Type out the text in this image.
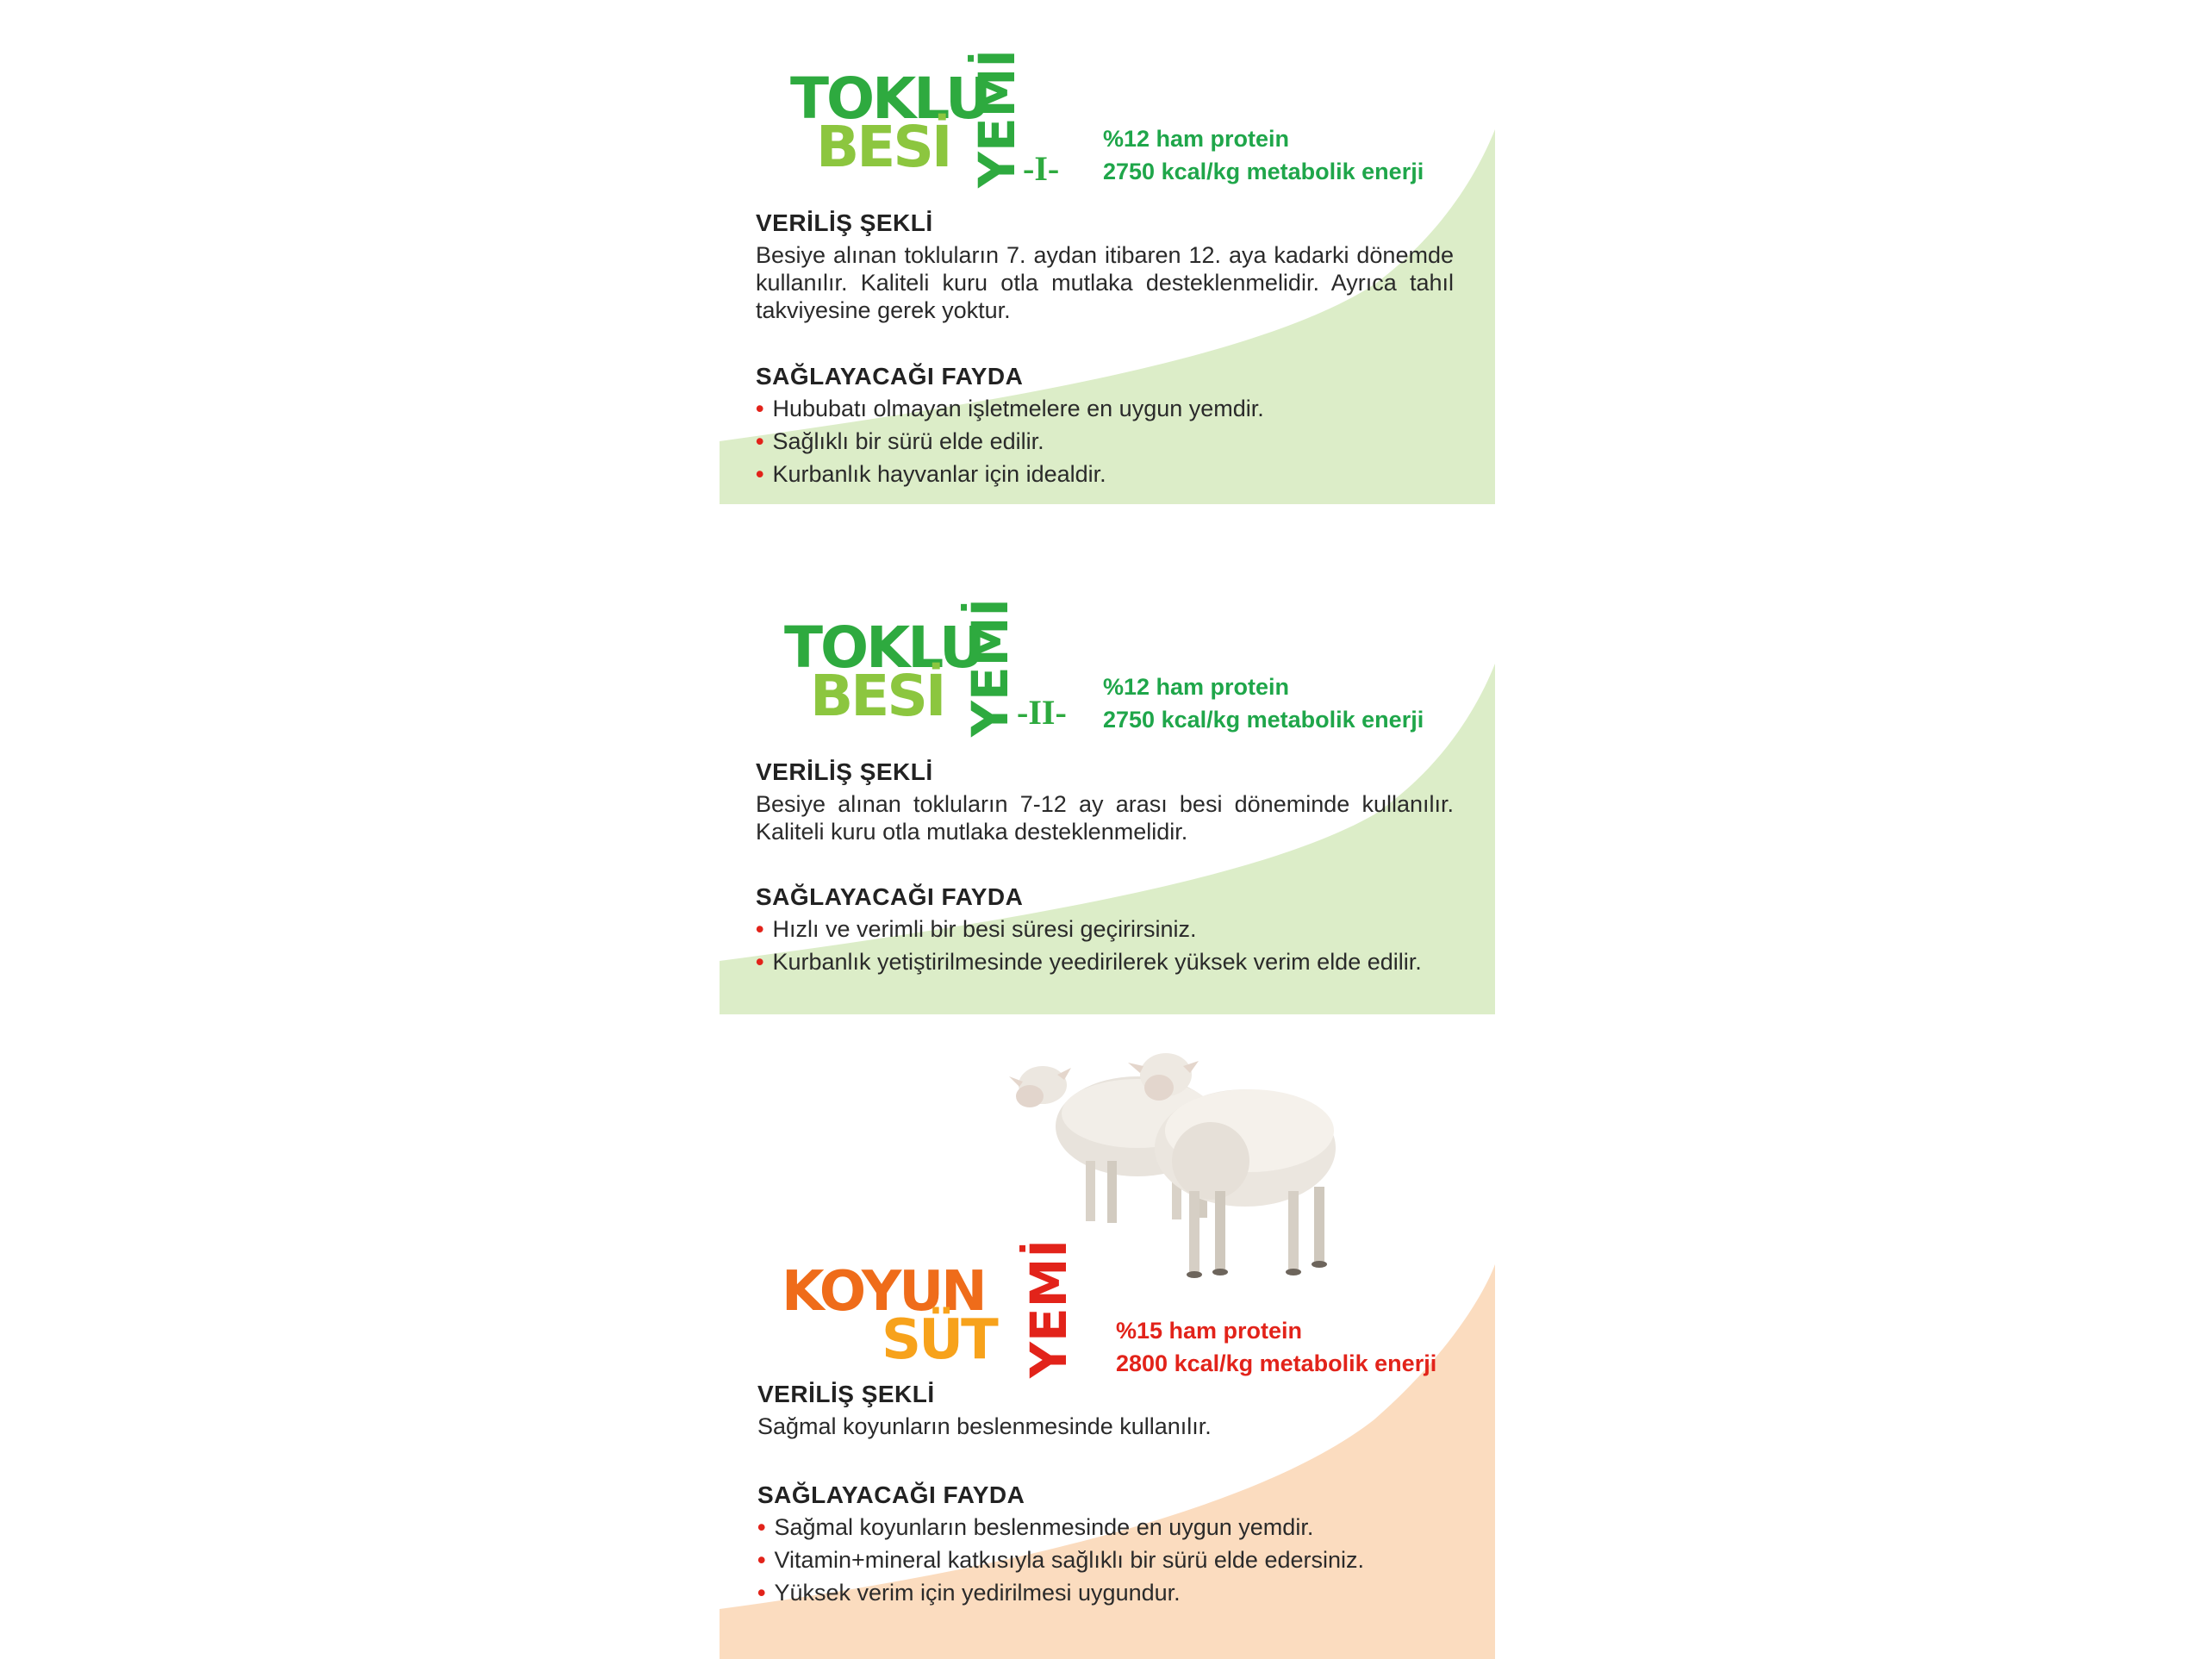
TOKLU
BESİ YEMİ
-I-
%12 ham protein
2750 kcal/kg metabolik enerji
VERİLİŞ ŞEKLİ

Besiye alınan tokluların 7. aydan itibaren 12. aya kadarki dönemde kullanılır. Kaliteli kuru otla mutlaka desteklenmelidir. Ayrıca tahıl takviyesine gerek yoktur.

SAĞLAYACAĞI FAYDA
• Hububatı olmayan işletmelere en uygun yemdir.
• Sağlıklı bir sürü elde edilir.
• Kurbanlık hayvanlar için idealdir.
TOKLU
BESİ YEMİ
-II-
%12 ham protein
2750 kcal/kg metabolik enerji
VERİLİŞ ŞEKLİ

Besiye alınan tokluların 7-12 ay arası besi döneminde kullanılır. Kaliteli kuru otla mutlaka desteklenmelidir.

SAĞLAYACAĞI FAYDA
• Hızlı ve verimli bir besi süresi geçirirsiniz.
• Kurbanlık yetiştirilmesinde yeedirilerek yüksek verim elde edilir.
KOYUN
SÜT YEMİ %15 ham protein
2800 kcal/kg metabolik enerji
VERİLİŞ ŞEKLİ

Sağmal koyunların beslenmesinde kullanılır.

SAĞLAYACAĞI FAYDA
• Sağmal koyunların beslenmesinde en uygun yemdir.
• Vitamin+mineral katkısıyla sağlıklı bir sürü elde edersiniz.
• Yüksek verim için yedirilmesi uygundur.
